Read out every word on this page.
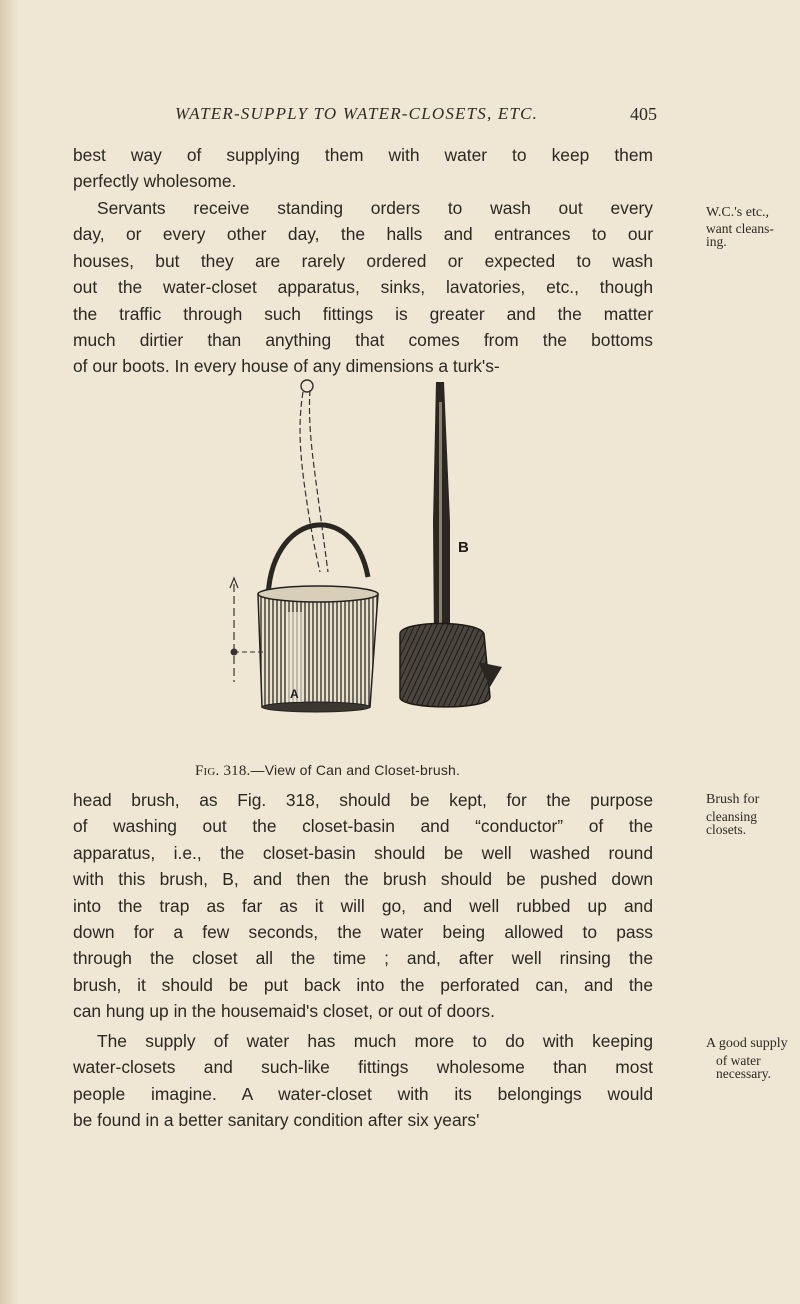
WATER-SUPPLY TO WATER-CLOSETS, ETC.	405
best way of supplying them with water to keep them
perfectly wholesome.
Servants receive standing orders to wash out every
day, or every other day, the halls and entrances to our
houses, but they are rarely ordered or expected to wash
out the water-closet apparatus, sinks, lavatories, etc., though
the traffic through such fittings is greater and the matter
much dirtier than anything that comes from the bottoms
of our boots. In every house of any dimensions a turk's-
W.C.'s etc.,
want cleans-
ing.
B
A
Fig. 318.—View of Can and Closet-brush.
head brush, as Fig. 318, should be kept, for the purpose
of washing out the closet-basin and “conductor” of the
apparatus, i.e., the closet-basin should be well washed round
with this brush, B, and then the brush should be pushed down
into the trap as far as it will go, and well rubbed up and
down for a few seconds, the water being allowed to pass
through the closet all the time ; and, after well rinsing the
brush, it should be put back into the perforated can, and the
can hung up in the housemaid's closet, or out of doors.
Brush for
cleansing
closets.
The supply of water has much more to do with keeping
water-closets and such-like fittings wholesome than most
people imagine. A water-closet with its belongings would
be found in a better sanitary condition after six years'
A good supply
of water
necessary.
